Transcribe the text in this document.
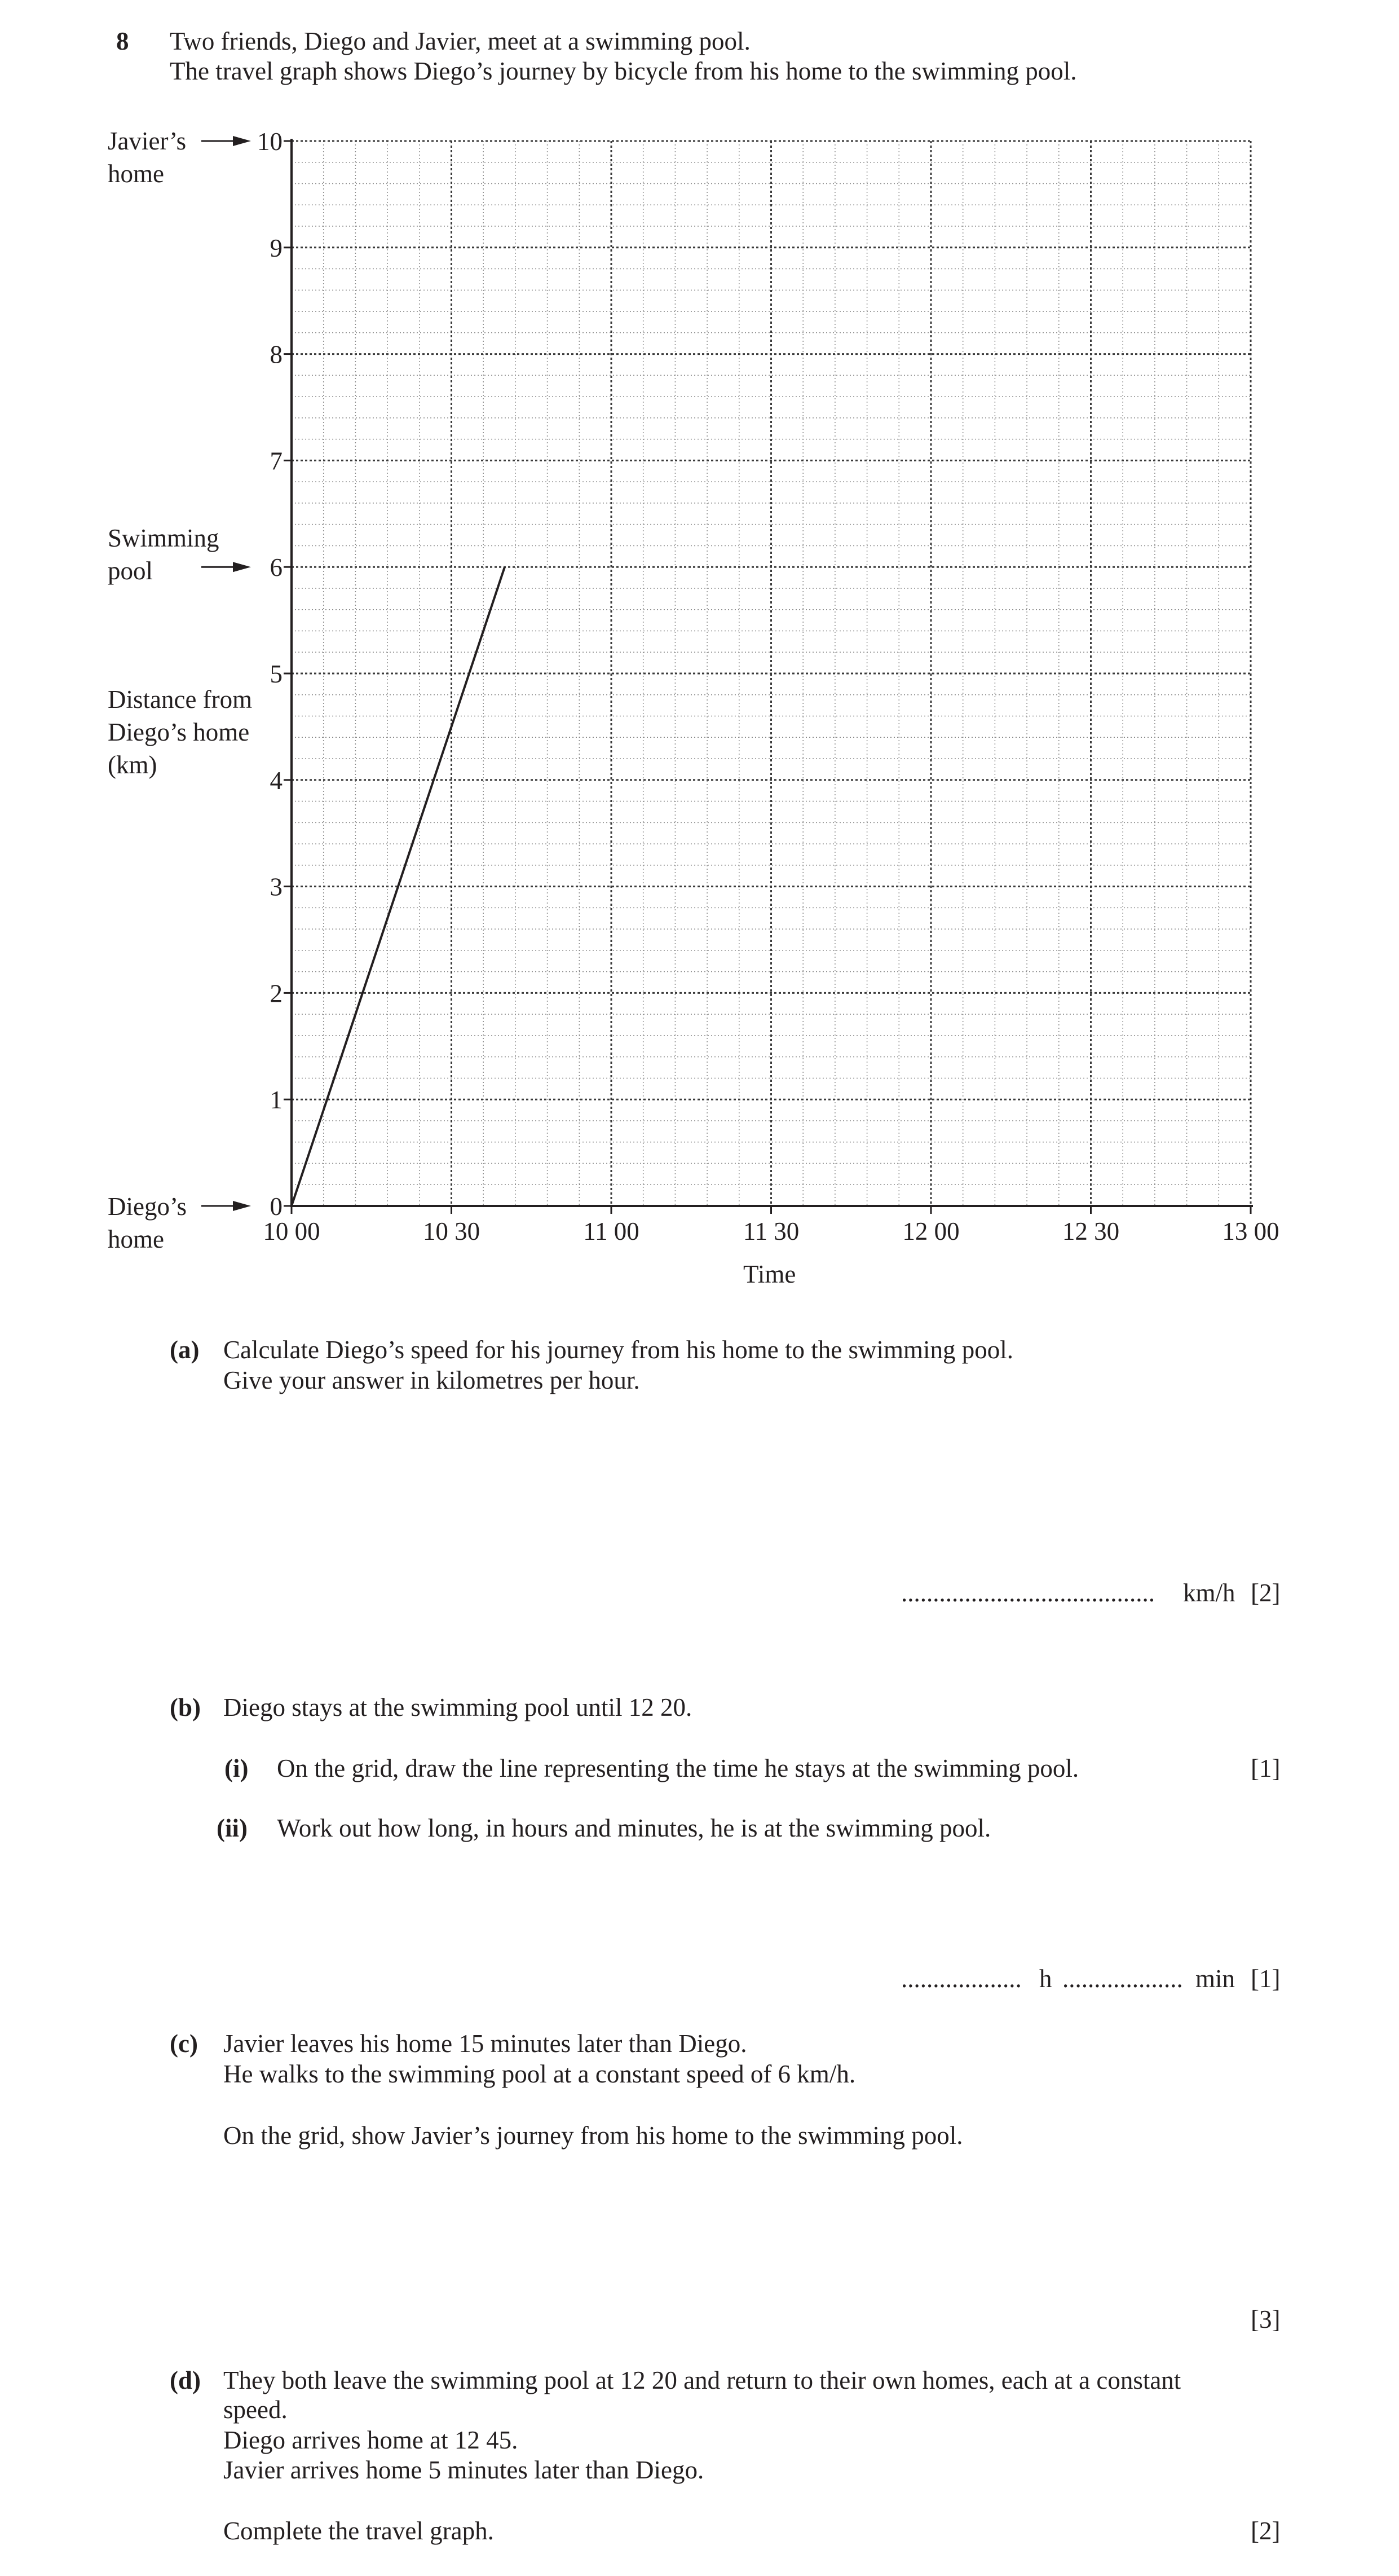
8 Two friends, Diego and Javier, meet at a swimming pool.
The travel graph shows Diego’s journey by bicycle from his home to the swimming pool.
Javier’s
home
Swimming
pool
Distance from
Diego’s home
(km)
Diego’s
home
Time
0
1
2
3
4
5
6
7
8
9
10
10 00	10 30	11 00	11 30	12 00	12 30	13 00
(a) Calculate Diego’s speed for his journey from his home to the swimming pool.
Give your answer in kilometres per hour.
........................................ km/h [2]
(b) Diego stays at the swimming pool until 12 20.
(i) On the grid, draw the line representing the time he stays at the swimming pool.	[1]
(ii) Work out how long, in hours and minutes, he is at the swimming pool.
................... h ................... min [1]
(c) Javier leaves his home 15 minutes later than Diego.
He walks to the swimming pool at a constant speed of 6 km/h.
On the grid, show Javier’s journey from his home to the swimming pool.
[3]
(d) They both leave the swimming pool at 12 20 and return to their own homes, each at a constant
speed.
Diego arrives home at 12 45.
Javier arrives home 5 minutes later than Diego.
Complete the travel graph.	[2]
